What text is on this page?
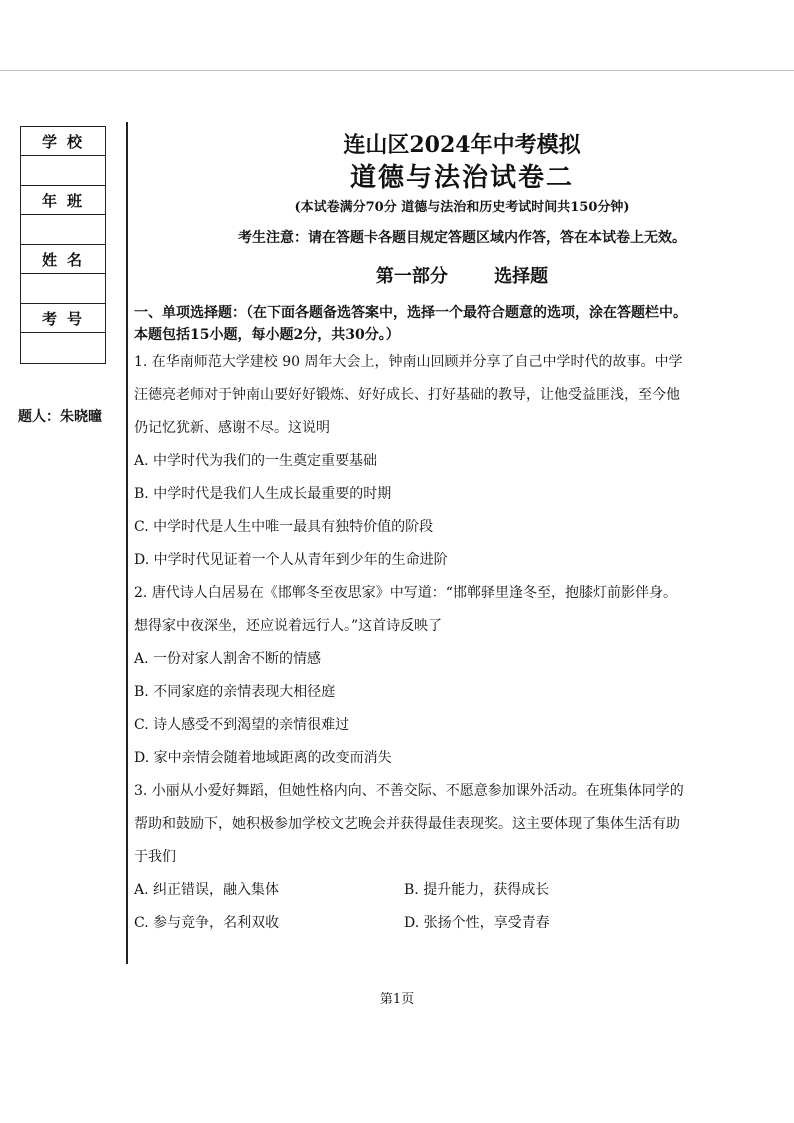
学校
年班
姓名
考号
题人：朱晓曈
连山区2024年中考模拟
道德与法治试卷二
(本试卷满分70分 道德与法治和历史考试时间共150分钟)
考生注意：请在答题卡各题目规定答题区域内作答，答在本试卷上无效。
第一部分	选择题

一、单项选择题：（在下面各题备选答案中，选择一个最符合题意的选项，涂在答题栏中。

本题包括15小题，每小题2分，共30分。）

1. 在华南师范大学建校 90 周年大会上，钟南山回顾并分享了自己中学时代的故事。中学

汪德亮老师对于钟南山要好好锻炼、好好成长、打好基础的教导，让他受益匪浅，至今他

仍记忆犹新、感谢不尽。这说明

A. 中学时代为我们的一生奠定重要基础

B. 中学时代是我们人生成长最重要的时期

C. 中学时代是人生中唯一最具有独特价值的阶段

D. 中学时代见证着一个人从青年到少年的生命进阶

2. 唐代诗人白居易在《邯郸冬至夜思家》中写道：“邯郸驿里逢冬至，抱膝灯前影伴身。

想得家中夜深坐，还应说着远行人。”这首诗反映了

A. 一份对家人割舍不断的情感

B. 不同家庭的亲情表现大相径庭

C. 诗人感受不到渴望的亲情很难过

D. 家中亲情会随着地域距离的改变而消失

3. 小丽从小爱好舞蹈，但她性格内向、不善交际、不愿意参加课外活动。在班集体同学的

帮助和鼓励下，她积极参加学校文艺晚会并获得最佳表现奖。这主要体现了集体生活有助

于我们

A. 纠正错误，融入集体	B. 提升能力，获得成长
C. 参与竞争，名利双收	D. 张扬个性，享受青春
第1页
